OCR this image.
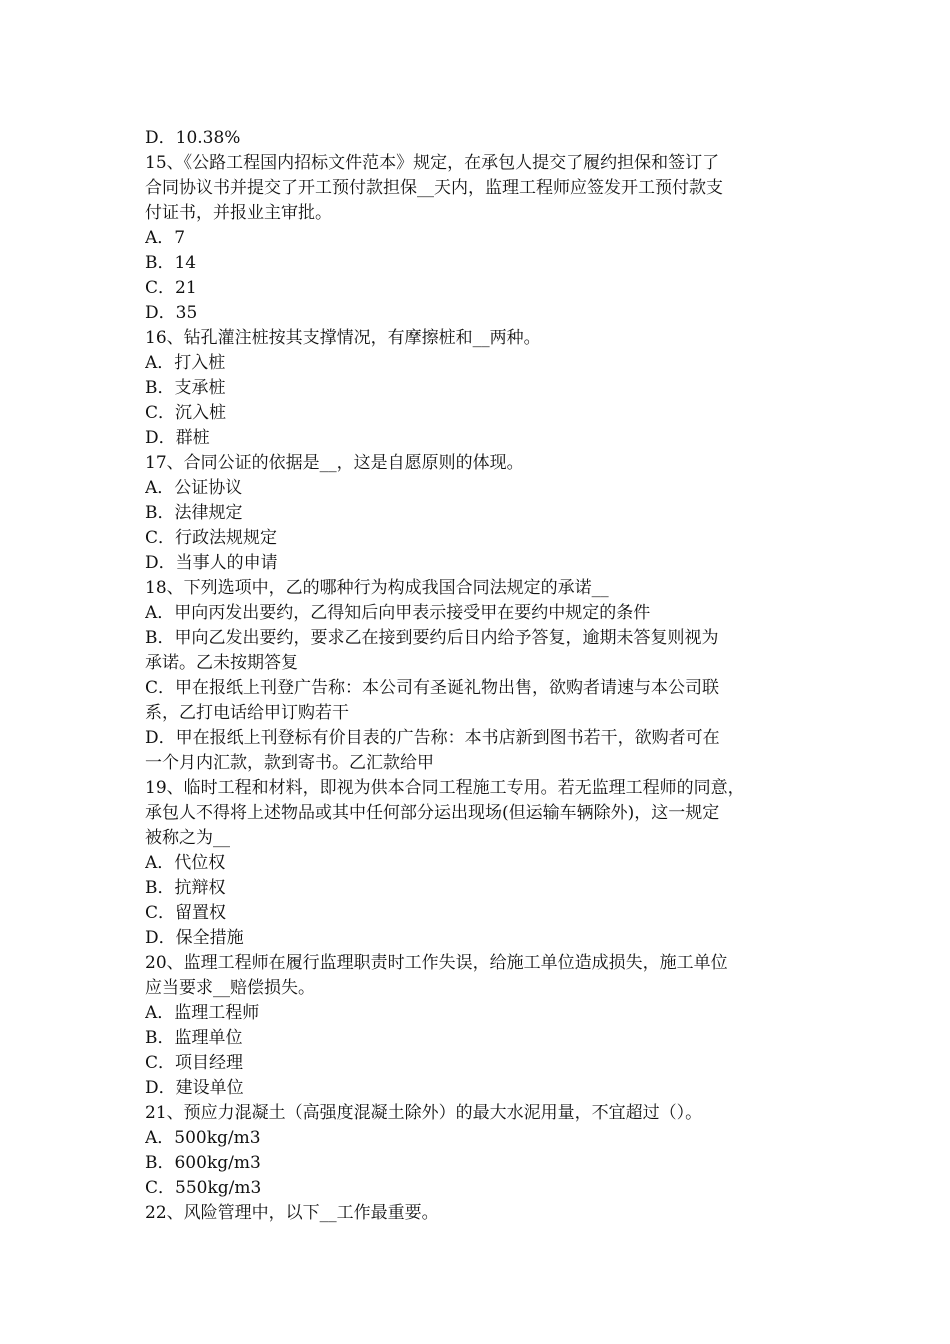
D．10.38%
15、《公路工程国内招标文件范本》规定，在承包人提交了履约担保和签订了
合同协议书并提交了开工预付款担保__天内，监理工程师应签发开工预付款支
付证书，并报业主审批。
A．7
B．14
C．21
D．35
16、钻孔灌注桩按其支撑情况，有摩擦桩和__两种。
A．打入桩
B．支承桩
C．沉入桩
D．群桩
17、合同公证的依据是__，这是自愿原则的体现。
A．公证协议
B．法律规定
C．行政法规规定
D．当事人的申请
18、下列选项中，乙的哪种行为构成我国合同法规定的承诺__
A．甲向丙发出要约，乙得知后向甲表示接受甲在要约中规定的条件
B．甲向乙发出要约，要求乙在接到要约后日内给予答复，逾期未答复则视为
承诺。乙未按期答复
C．甲在报纸上刊登广告称：本公司有圣诞礼物出售，欲购者请速与本公司联
系，乙打电话给甲订购若干
D．甲在报纸上刊登标有价目表的广告称：本书店新到图书若干，欲购者可在
一个月内汇款，款到寄书。乙汇款给甲
19、临时工程和材料，即视为供本合同工程施工专用。若无监理工程师的同意，
承包人不得将上述物品或其中任何部分运出现场(但运输车辆除外)，这一规定
被称之为__
A．代位权
B．抗辩权
C．留置权
D．保全措施
20、监理工程师在履行监理职责时工作失误，给施工单位造成损失，施工单位
应当要求__赔偿损失。
A．监理工程师
B．监理单位
C．项目经理
D．建设单位
21、预应力混凝土（高强度混凝土除外）的最大水泥用量，不宜超过（）。
A．500kg/m3
B．600kg/m3
C．550kg/m3
22、风险管理中，以下__工作最重要。
